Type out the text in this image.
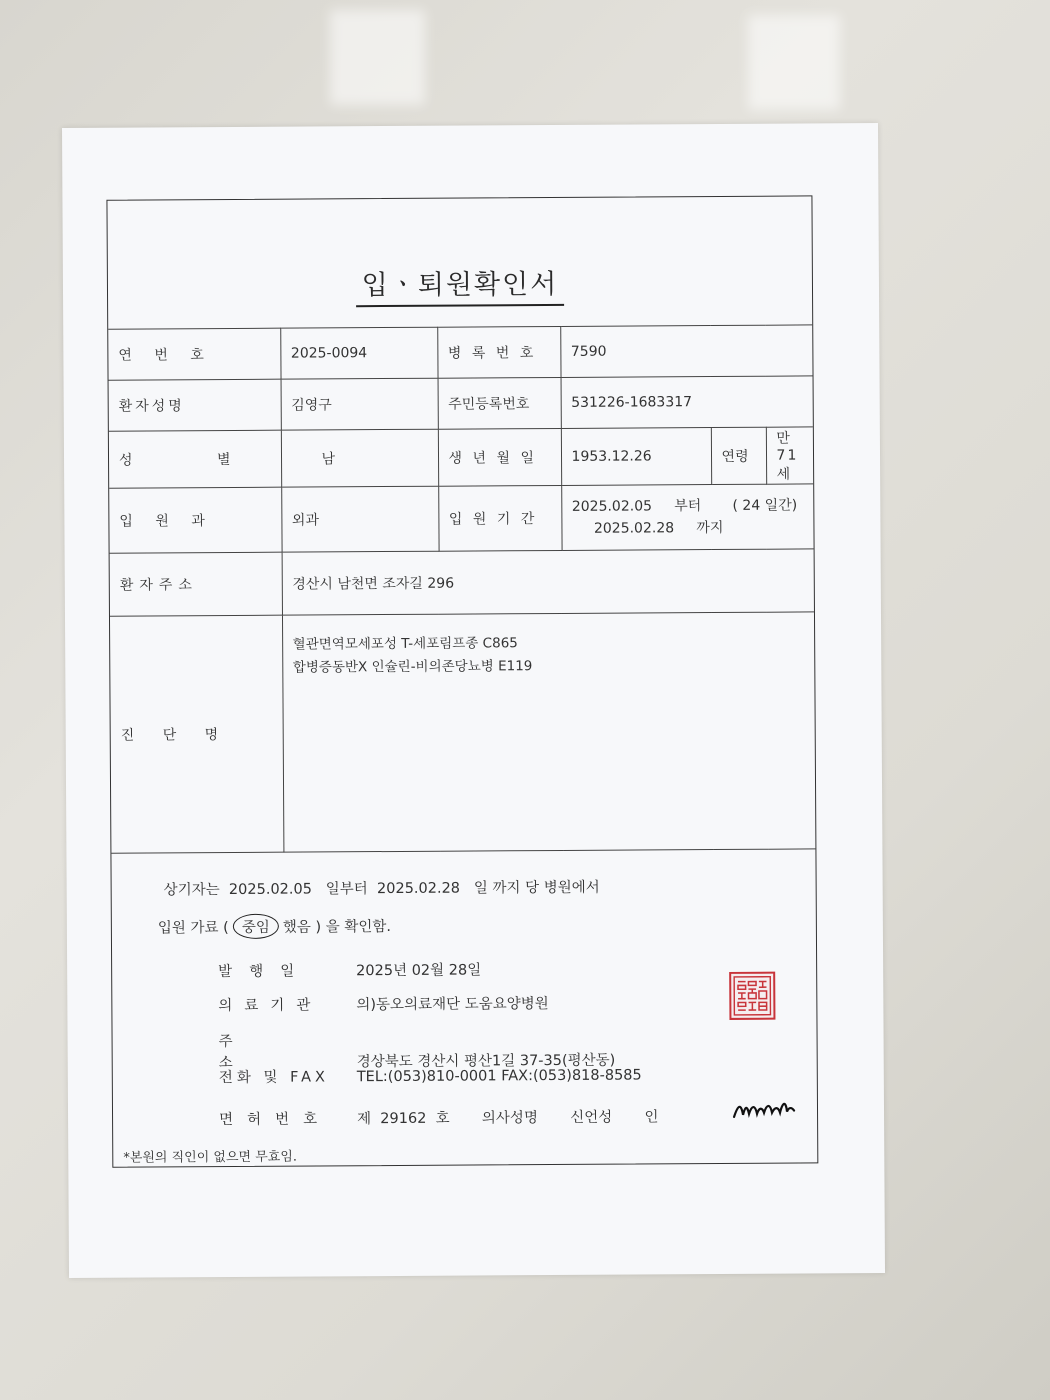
입ㆍ퇴원확인서
연 번 호	2025-0094	병 록 번 호	7590		
환자성명	김영구	주민등록번호	531226-1683317		
성 별	남	생 년 월 일	1953.12.26	연령	만 71 세
입 원 과	외과	입 원 기 간	2025.02.05 부터 ( 24 일간)
2025.02.28 까지		

환자주소	경산시 남천면 조자길 296				
진 단 명	혈관면역모세포성 T-세포림프종 C865
합병증동반X 인슐린-비의존당뇨병 E119				
상기자는  2025.02.05   일부터  2025.02.28   일 까지 당 병원에서
입원 가료 ( 중임 했음 ) 을 확인함.
발행일	2025년 02월 28일
의료기관 의)동오의료재단 도움요양병원
주소	경상북도 경산시 평산1길 37-35(평산동)
전화 및 FAX TEL:(053)810-0001 FAX:(053)818-8585
면허번호 제  29162  호       의사성명       신언성       인
*본원의 직인이 없으면 무효임.
